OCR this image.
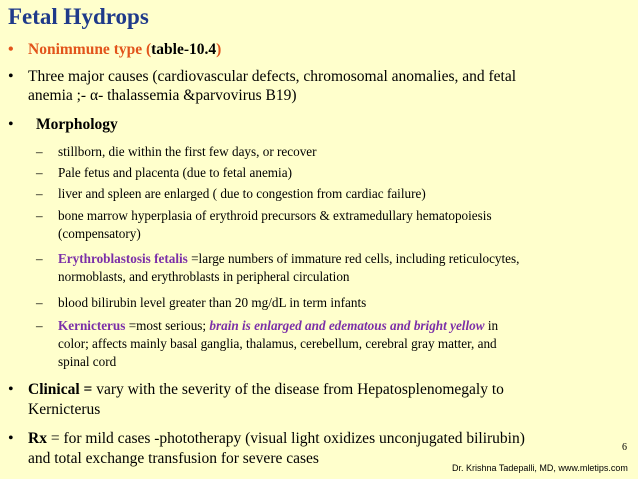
Fetal Hydrops
• Nonimmune type (table-10.4)
• Three major causes (cardiovascular defects, chromosomal anomalies, and fetal
anemia ;- α- thalassemia &parvovirus B19)
• Morphology
– stillborn, die within the first few days, or recover
– Pale fetus and placenta (due to fetal anemia)
– liver and spleen are enlarged ( due to congestion from cardiac failure)
– bone marrow hyperplasia of erythroid precursors & extramedullary hematopoiesis
(compensatory)
– Erythroblastosis fetalis =large numbers of immature red cells, including reticulocytes,
normoblasts, and erythroblasts in peripheral circulation
– blood bilirubin level greater than 20 mg/dL in term infants
– Kernicterus =most serious; brain is enlarged and edematous and bright yellow in
color; affects mainly basal ganglia, thalamus, cerebellum, cerebral gray matter, and
spinal cord
• Clinical = vary with the severity of the disease from Hepatosplenomegaly to
Kernicterus
• Rx = for mild cases -phototherapy (visual light oxidizes unconjugated bilirubin)
and total exchange transfusion for severe cases
6
Dr. Krishna Tadepalli, MD, www.mletips.com
